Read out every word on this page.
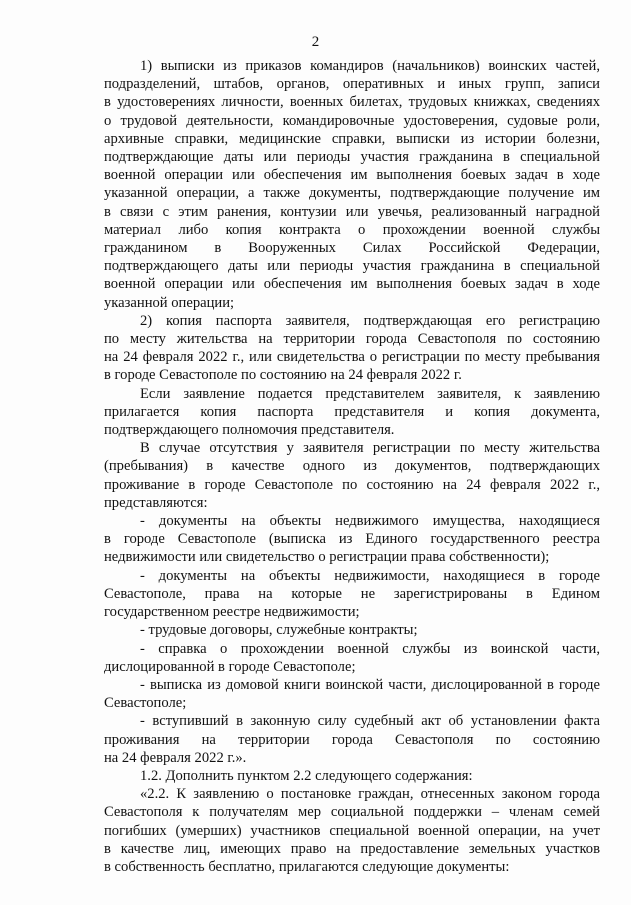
2

1) выписки из приказов командиров (начальников) воинских частей,
подразделений, штабов, органов, оперативных и иных групп, записи
в удостоверениях личности, военных билетах, трудовых книжках, сведениях
о трудовой деятельности, командировочные удостоверения, судовые роли,
архивные справки, медицинские справки, выписки из истории болезни,
подтверждающие даты или периоды участия гражданина в специальной
военной операции или обеспечения им выполнения боевых задач в ходе
указанной операции, а также документы, подтверждающие получение им
в связи с этим ранения, контузии или увечья, реализованный наградной
материал либо копия контракта о прохождении военной службы
гражданином в Вооруженных Силах Российской Федерации,
подтверждающего даты или периоды участия гражданина в специальной
военной операции или обеспечения им выполнения боевых задач в ходе
указанной операции;

2) копия паспорта заявителя, подтверждающая его регистрацию
по месту жительства на территории города Севастополя по состоянию
на 24 февраля 2022 г., или свидетельства о регистрации по месту пребывания
в городе Севастополе по состоянию на 24 февраля 2022 г.

Если заявление подается представителем заявителя, к заявлению
прилагается копия паспорта представителя и копия документа,
подтверждающего полномочия представителя.

В случае отсутствия у заявителя регистрации по месту жительства
(пребывания) в качестве одного из документов, подтверждающих
проживание в городе Севастополе по состоянию на 24 февраля 2022 г.,
представляются:

- документы на объекты недвижимого имущества, находящиеся
в городе Севастополе (выписка из Единого государственного реестра
недвижимости или свидетельство о регистрации права собственности);

- документы на объекты недвижимости, находящиеся в городе
Севастополе, права на которые не зарегистрированы в Едином
государственном реестре недвижимости;

- трудовые договоры, служебные контракты;

- справка о прохождении военной службы из воинской части,
дислоцированной в городе Севастополе;

- выписка из домовой книги воинской части, дислоцированной в городе
Севастополе;

- вступивший в законную силу судебный акт об установлении факта
проживания на территории города Севастополя по состоянию
на 24 февраля 2022 г.».

1.2. Дополнить пунктом 2.2 следующего содержания:

«2.2. К заявлению о постановке граждан, отнесенных законом города
Севастополя к получателям мер социальной поддержки – членам семей
погибших (умерших) участников специальной военной операции, на учет
в качестве лиц, имеющих право на предоставление земельных участков
в собственность бесплатно, прилагаются следующие документы:
